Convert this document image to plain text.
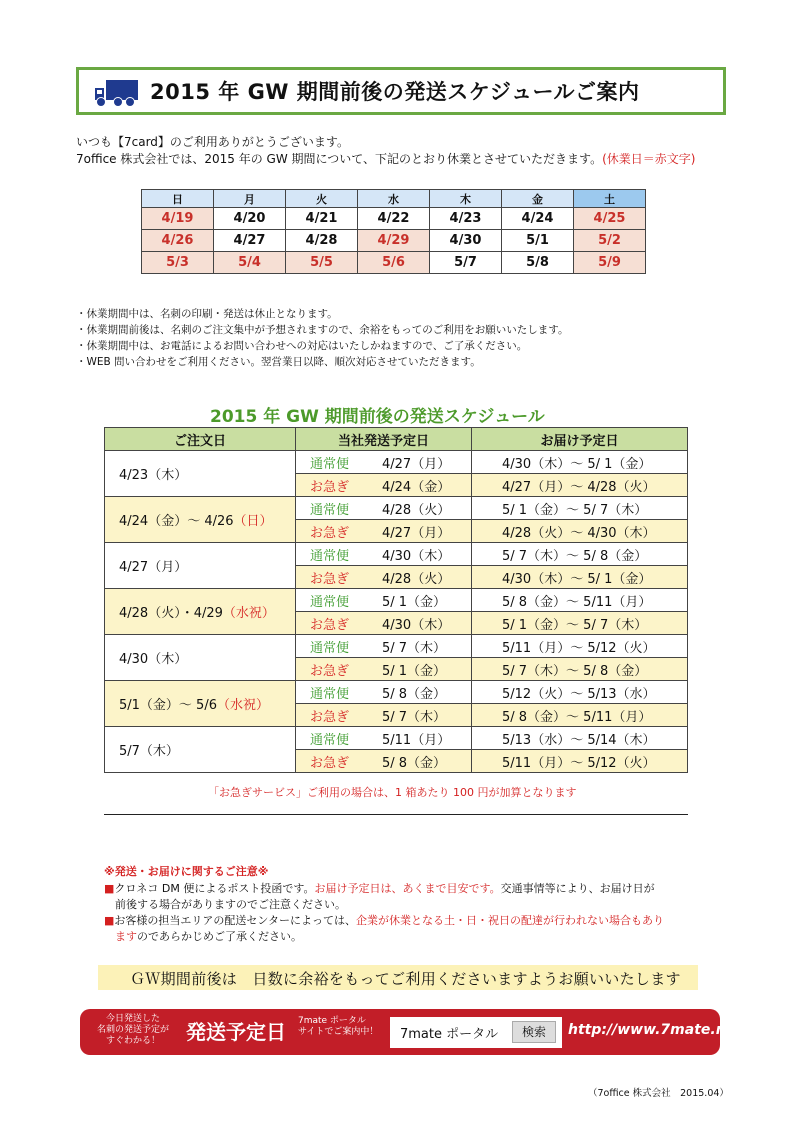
2015 年 GW 期間前後の発送スケジュールご案内
いつも【7card】のご利用ありがとうございます。
7office 株式会社では、2015 年の GW 期間について、下記のとおり休業とさせていただきます。(休業日＝赤文字)
日	月	火	水	木	金	土
4/19	4/20	4/21	4/22	4/23	4/24	4/25
4/26	4/27	4/28	4/29	4/30	5/1	5/2
5/3	5/4	5/5	5/6	5/7	5/8	5/9
・休業期間中は、名刺の印刷・発送は休止となります。
・休業期間前後は、名刺のご注文集中が予想されますので、余裕をもってのご利用をお願いいたします。
・休業期間中は、お電話によるお問い合わせへの対応はいたしかねますので、ご了承ください。
・WEB 問い合わせをご利用ください。翌営業日以降、順次対応させていただきます。
2015 年 GW 期間前後の発送スケジュール
ご注文日	当社発送予定日	お届け予定日
4/23（木）	通常便 4/27（月）	4/30（木）～ 5/ 1（金）
	お急ぎ 4/24（金）	4/27（月）～ 4/28（火）
4/24（金）～ 4/26（日）	通常便 4/28（火）	5/ 1（金）～ 5/ 7（木）
	お急ぎ 4/27（月）	4/28（火）～ 4/30（木）
4/27（月）	通常便 4/30（木）	5/ 7（木）～ 5/ 8（金）
	お急ぎ 4/28（火）	4/30（木）～ 5/ 1（金）
4/28（火）・4/29（水祝）	通常便 5/ 1（金）	5/ 8（金）～ 5/11（月）
	お急ぎ 4/30（木）	5/ 1（金）～ 5/ 7（木）
4/30（木）	通常便 5/ 7（木）	5/11（月）～ 5/12（火）
	お急ぎ 5/ 1（金）	5/ 7（木）～ 5/ 8（金）
5/1（金）～ 5/6（水祝）	通常便 5/ 8（金）	5/12（火）～ 5/13（水）
	お急ぎ 5/ 7（木）	5/ 8（金）～ 5/11（月）
5/7（木）	通常便 5/11（月）	5/13（水）～ 5/14（木）
	お急ぎ 5/ 8（金）	5/11（月）～ 5/12（火）
「お急ぎサービス」ご利用の場合は、1 箱あたり 100 円が加算となります
※発送・お届けに関するご注意※
■クロネコ DM 便によるポスト投函です。お届け予定日は、あくまで目安です。交通事情等により、お届け日が
前後する場合がありますのでご注意ください。
■お客様の担当エリアの配送センターによっては、企業が休業となる土・日・祝日の配達が行われない場合もあり
ますのであらかじめご了承ください。
ＧＷ期間前後は　日数に余裕をもってご利用くださいますようお願いいたします
今日発送した
名刺の発送予定が
すぐわかる！	発送予定日 7mate ポータル
サイトでご案内中！ 7mate ポータル	検索	http://www.7mate.net/
（7office 株式会社　2015.04）
